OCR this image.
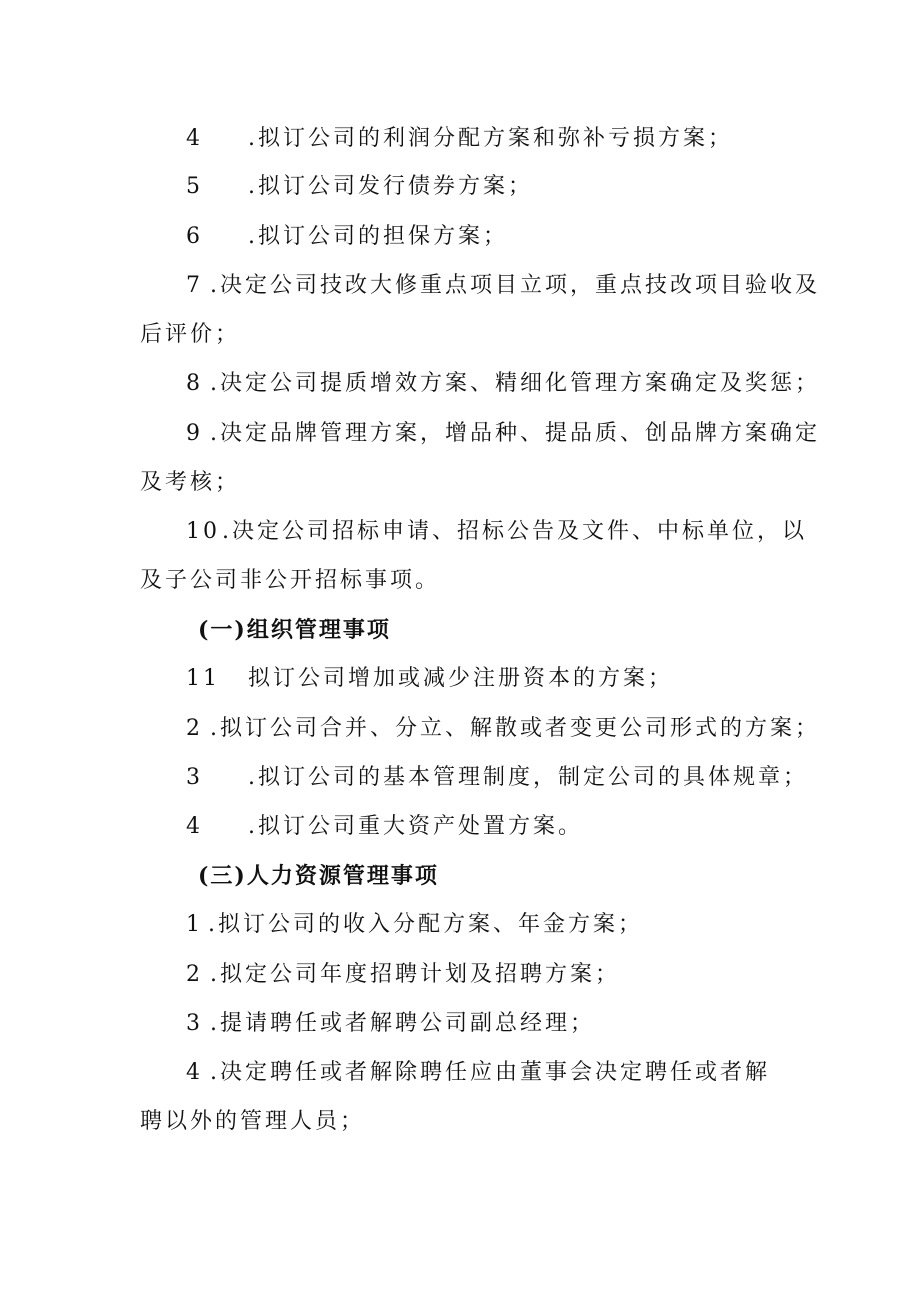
4 .拟订公司的利润分配方案和弥补亏损方案；
5 .拟订公司发行债券方案；
6 .拟订公司的担保方案；
7 .决定公司技改大修重点项目立项，重点技改项目验收及
后评价；
8 .决定公司提质增效方案、精细化管理方案确定及奖惩；
9 .决定品牌管理方案，增品种、提品质、创品牌方案确定
及考核；
10.决定公司招标申请、招标公告及文件、中标单位，以
及子公司非公开招标事项。
(一)组织管理事项
11 拟订公司增加或减少注册资本的方案；
2 .拟订公司合并、分立、解散或者变更公司形式的方案；
3 .拟订公司的基本管理制度，制定公司的具体规章；
4 .拟订公司重大资产处置方案。
(三)人力资源管理事项
1 .拟订公司的收入分配方案、年金方案；
2 .拟定公司年度招聘计划及招聘方案；
3 .提请聘任或者解聘公司副总经理；
4 .决定聘任或者解除聘任应由董事会决定聘任或者解
聘以外的管理人员；
